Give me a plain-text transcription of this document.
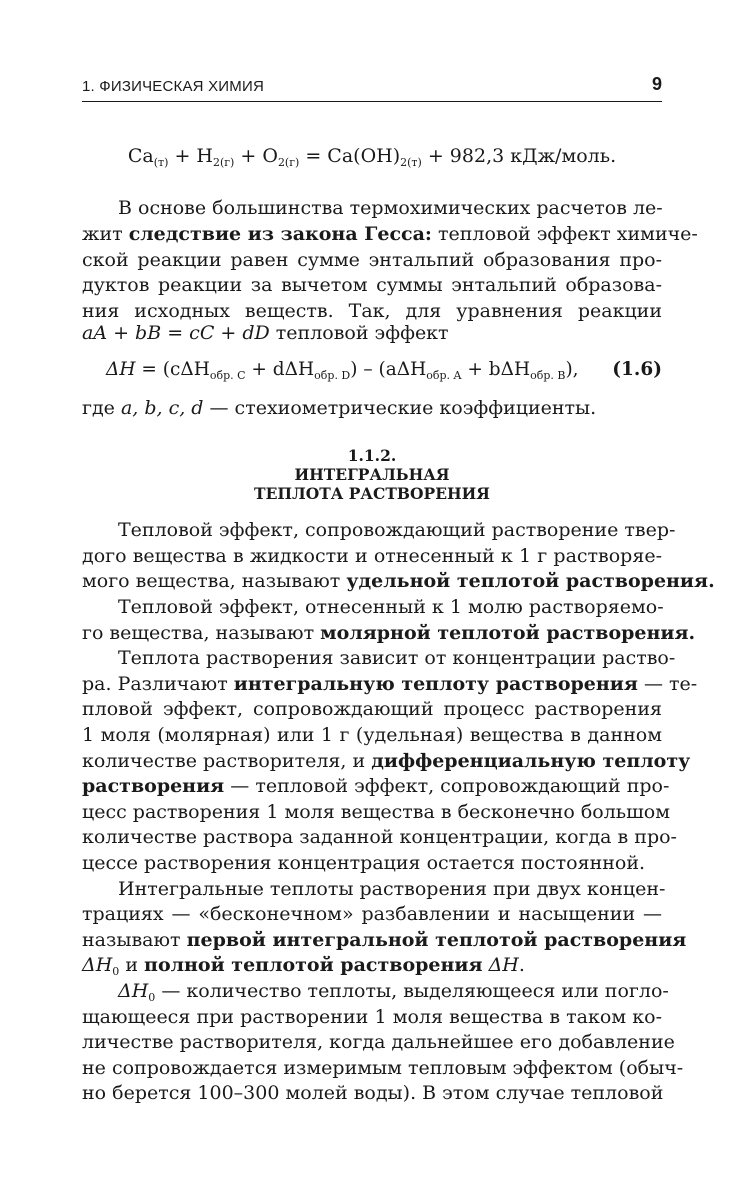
1. ФИЗИЧЕСКАЯ ХИМИЯ	9
$Ca_{(т)} + H_{2(г)} + O_{2(г)} = Ca(OH)_{2(т)} + 982,3$ кДж/моль.
В основе большинства термохимических расчетов ле-
жит следствие из закона Гесса: тепловой эффект химиче-
ской реакции равен сумме энтальпий образования про-
дуктов реакции за вычетом суммы энтальпий образова-
ния исходных веществ. Так, для уравнения реакции
aA + bB = cC + dD тепловой эффект
ΔH = (cΔH$_{обр. C}$ + dΔH$_{обр. D}$) – (aΔH$_{обр. A}$ + bΔH$_{обр. B}$), (1.6)
где a, b, c, d — стехиометрические коэффициенты.
1.1.2.
ИНТЕГРАЛЬНАЯ
ТЕПЛОТА РАСТВОРЕНИЯ
Тепловой эффект, сопровождающий растворение твер-
дого вещества в жидкости и отнесенный к 1 г растворяе-
мого вещества, называют удельной теплотой растворения.
Тепловой эффект, отнесенный к 1 молю растворяемо-
го вещества, называют молярной теплотой растворения.
Теплота растворения зависит от концентрации раство-
ра. Различают интегральную теплоту растворения — те-
пловой эффект, сопровождающий процесс растворения
1 моля (молярная) или 1 г (удельная) вещества в данном
количестве растворителя, и дифференциальную теплоту
растворения — тепловой эффект, сопровождающий про-
цесс растворения 1 моля вещества в бесконечно большом
количестве раствора заданной концентрации, когда в про-
цессе растворения концентрация остается постоянной.
Интегральные теплоты растворения при двух концен-
трациях — «бесконечном» разбавлении и насыщении —
называют первой интегральной теплотой растворения
$\Delta H_0$ и полной теплотой растворения ΔH.
$\Delta H_0$ — количество теплоты, выделяющееся или погло-
щающееся при растворении 1 моля вещества в таком ко-
личестве растворителя, когда дальнейшее его добавление
не сопровождается измеримым тепловым эффектом (обыч-
но берется 100–300 молей воды). В этом случае тепловой
